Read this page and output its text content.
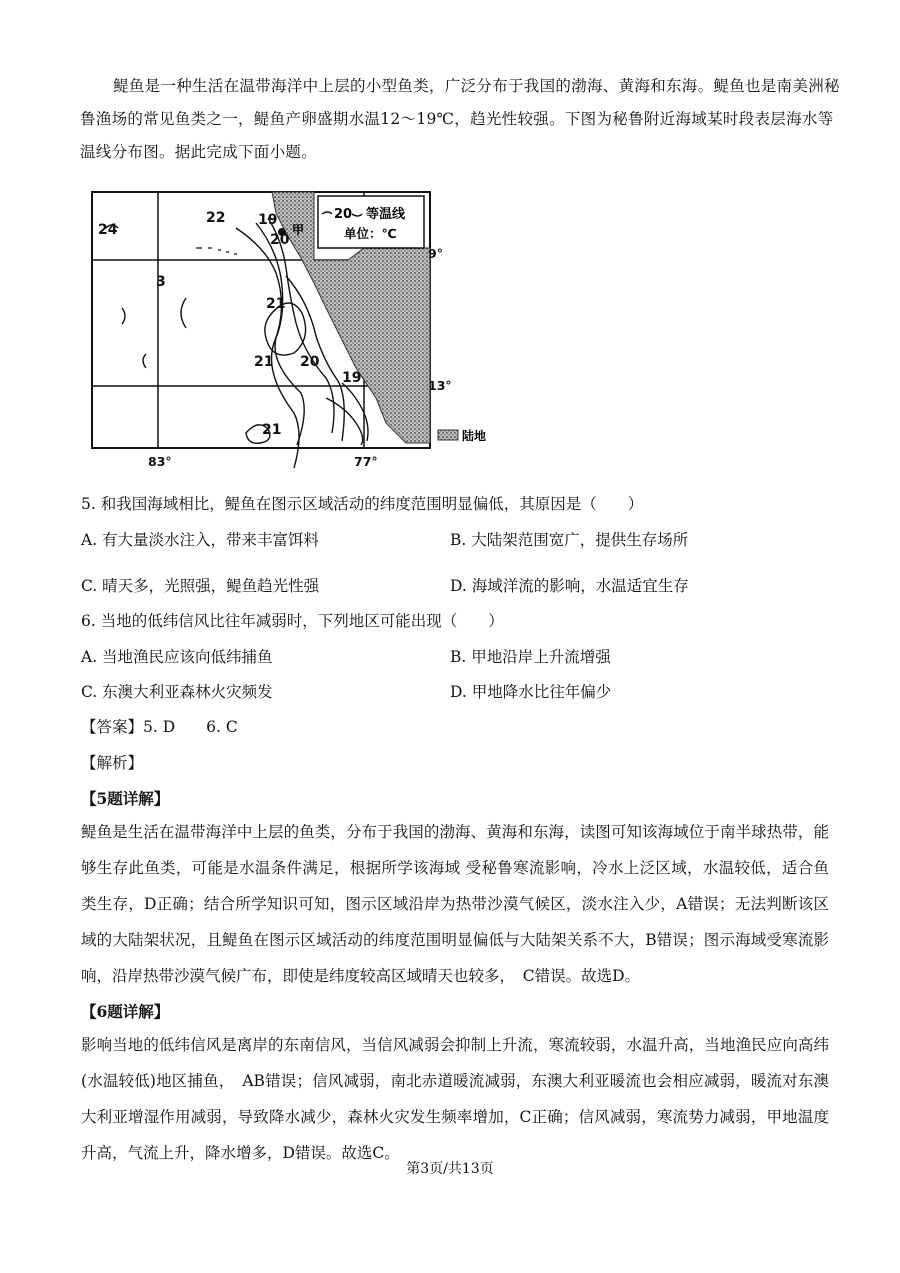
鳀鱼是一种生活在温带海洋中上层的小型鱼类，广泛分布于我国的渤海、黄海和东海。鳀鱼也是南美洲秘鲁渔场的常见鱼类之一，鳀鱼产卵盛期水温12～19℃，趋光性较强。下图为秘鲁附近海域某时段表层海水等温线分布图。据此完成下面小题。
20 等温线
单位：℃
甲
24
22 19
20
3
21
21 20
19
21
9°
13°
83°	77°
陆地
5. 和我国海域相比，鳀鱼在图示区域活动的纬度范围明显偏低，其原因是（　　）
A. 有大量淡水注入，带来丰富饵料	B. 大陆架范围宽广，提供生存场所
C. 晴天多，光照强，鳀鱼趋光性强	D. 海域洋流的影响，水温适宜生存
6. 当地的低纬信风比往年减弱时，下列地区可能出现（　　）
A. 当地渔民应该向低纬捕鱼	B. 甲地沿岸上升流增强
C. 东澳大利亚森林火灾频发	D. 甲地降水比往年偏少
【答案】5. D　　6. C
【解析】
【5题详解】
鳀鱼是生活在温带海洋中上层的鱼类，分布于我国的渤海、黄海和东海，读图可知该海域位于南半球热带，能够生存此鱼类，可能是水温条件满足，根据所学该海域 受秘鲁寒流影响，冷水上泛区域，水温较低，适合鱼类生存，D正确；结合所学知识可知，图示区域沿岸为热带沙漠气候区，淡水注入少，A错误；无法判断该区域的大陆架状况，且鳀鱼在图示区域活动的纬度范围明显偏低与大陆架关系不大，B错误；图示海域受寒流影响，沿岸热带沙漠气候广布，即使是纬度较高区域晴天也较多，　C错误。故选D。
【6题详解】
影响当地的低纬信风是离岸的东南信风，当信风减弱会抑制上升流，寒流较弱，水温升高，当地渔民应向高纬(水温较低)地区捕鱼，　AB错误；信风减弱，南北赤道暖流减弱，东澳大利亚暖流也会相应减弱，暖流对东澳大利亚增湿作用减弱，导致降水减少，森林火灾发生频率增加，C正确；信风减弱，寒流势力减弱，甲地温度升高，气流上升，降水增多，D错误。故选C。
第3页/共13页
